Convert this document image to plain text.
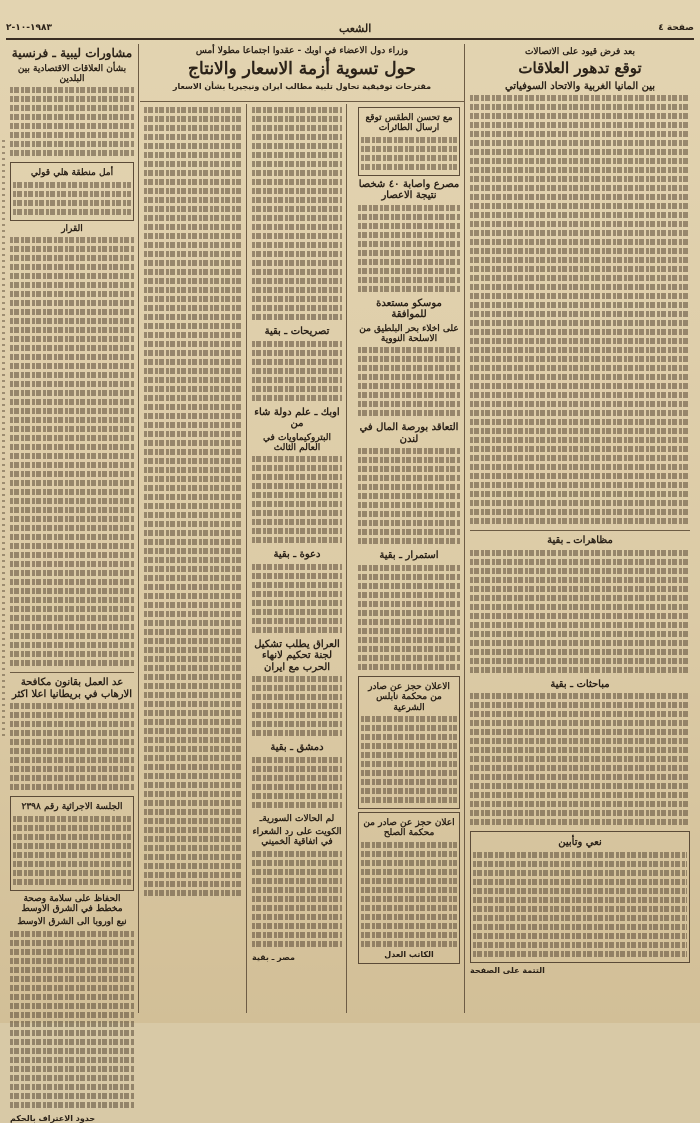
صفحة ٤
الشعب
١٩٨٣-١٠-٢
وزراء دول الاعضاء في اوبك - عقدوا اجتماعا مطولا أمس
حول تسوية أزمة الاسعار والانتاج
مقترحات توفيقية تحاول تلبية مطالب ايران ونيجيريا بشأن الاسعار
بعد فرض قيود على الاتصالات
توقع تدهور العلاقات
بين المانيا الغربية والاتحاد السوفياتي
مظاهرات ـ بقية
مباحثات ـ بقية
نعي وتأبين
التتمة على الصفحة
مع تحسن الطقس توقع ارسال الطائرات
مصرع واصابة ٤٠ شخصا نتيجة الاعصار
موسكو مستعدة للموافقة
على اخلاء بحر البلطيق من الاسلحة النووية
التعاقد بورصة المال في لندن
استمرار ـ بقية
الاعلان حجز عن صادر من محكمة نابلس الشرعية
اعلان حجز عن صادر من محكمة الصلح
الكاتب العدل
تصريحات ـ بقية
اوبك ـ علم دولة شاء من
البتروكيماويات في العالم الثالث
دعوة ـ بقية
العراق يطلب تشكيل لجنة تحكيم لانهاء الحرب مع ايران
دمشق ـ بقية
لم الحالات السوريةـ
الكويت على رد الشعراء في اتفاقية الخميني
مصر ـ بقية
مشاورات ليبية ـ فرنسية
بشأن العلاقات الاقتصادية بين البلدين
أمل منطقة هلي قولي
القرار
عد العمل بقانون مكافحة الارهاب في بريطانيا اعلا اكثر
الجلسة الاجرائية رقم ٢٣٩٨
الحفاظ على سلامة وصحة مخطط في الشرق الاوسط
نبع اوروبا الى الشرق الاوسط
حدود الاعتراف بالحكم
